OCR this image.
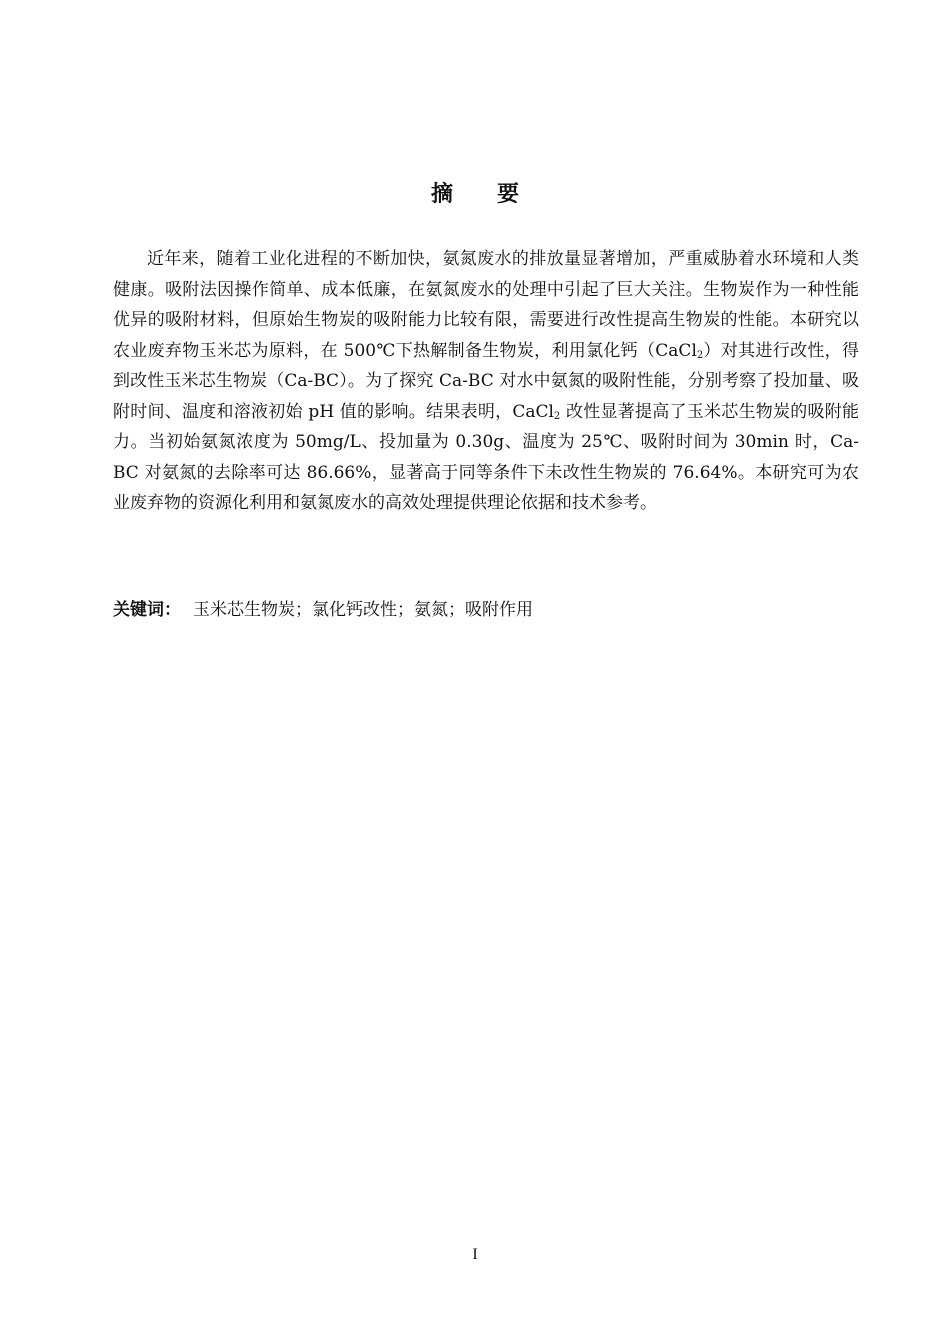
摘 要

近年来，随着工业化进程的不断加快，氨氮废水的排放量显著增加，严重威胁着水环境和人类健康。吸附法因操作简单、成本低廉，在氨氮废水的处理中引起了巨大关注。生物炭作为一种性能优异的吸附材料，但原始生物炭的吸附能力比较有限，需要进行改性提高生物炭的性能。本研究以农业废弃物玉米芯为原料，在 500℃下热解制备生物炭，利用氯化钙（CaCl$_2$）对其进行改性，得到改性玉米芯生物炭（Ca-BC）。为了探究 Ca-BC 对水中氨氮的吸附性能，分别考察了投加量、吸附时间、温度和溶液初始 pH 值的影响。结果表明，CaCl$_2$ 改性显著提高了玉米芯生物炭的吸附能力。当初始氨氮浓度为 50mg/L、投加量为 0.30g、温度为 25℃、吸附时间为 30min 时，Ca-BC 对氨氮的去除率可达 86.66%，显著高于同等条件下未改性生物炭的 76.64%。本研究可为农业废弃物的资源化利用和氨氮废水的高效处理提供理论依据和技术参考。

关键词： 玉米芯生物炭；氯化钙改性；氨氮；吸附作用

I
